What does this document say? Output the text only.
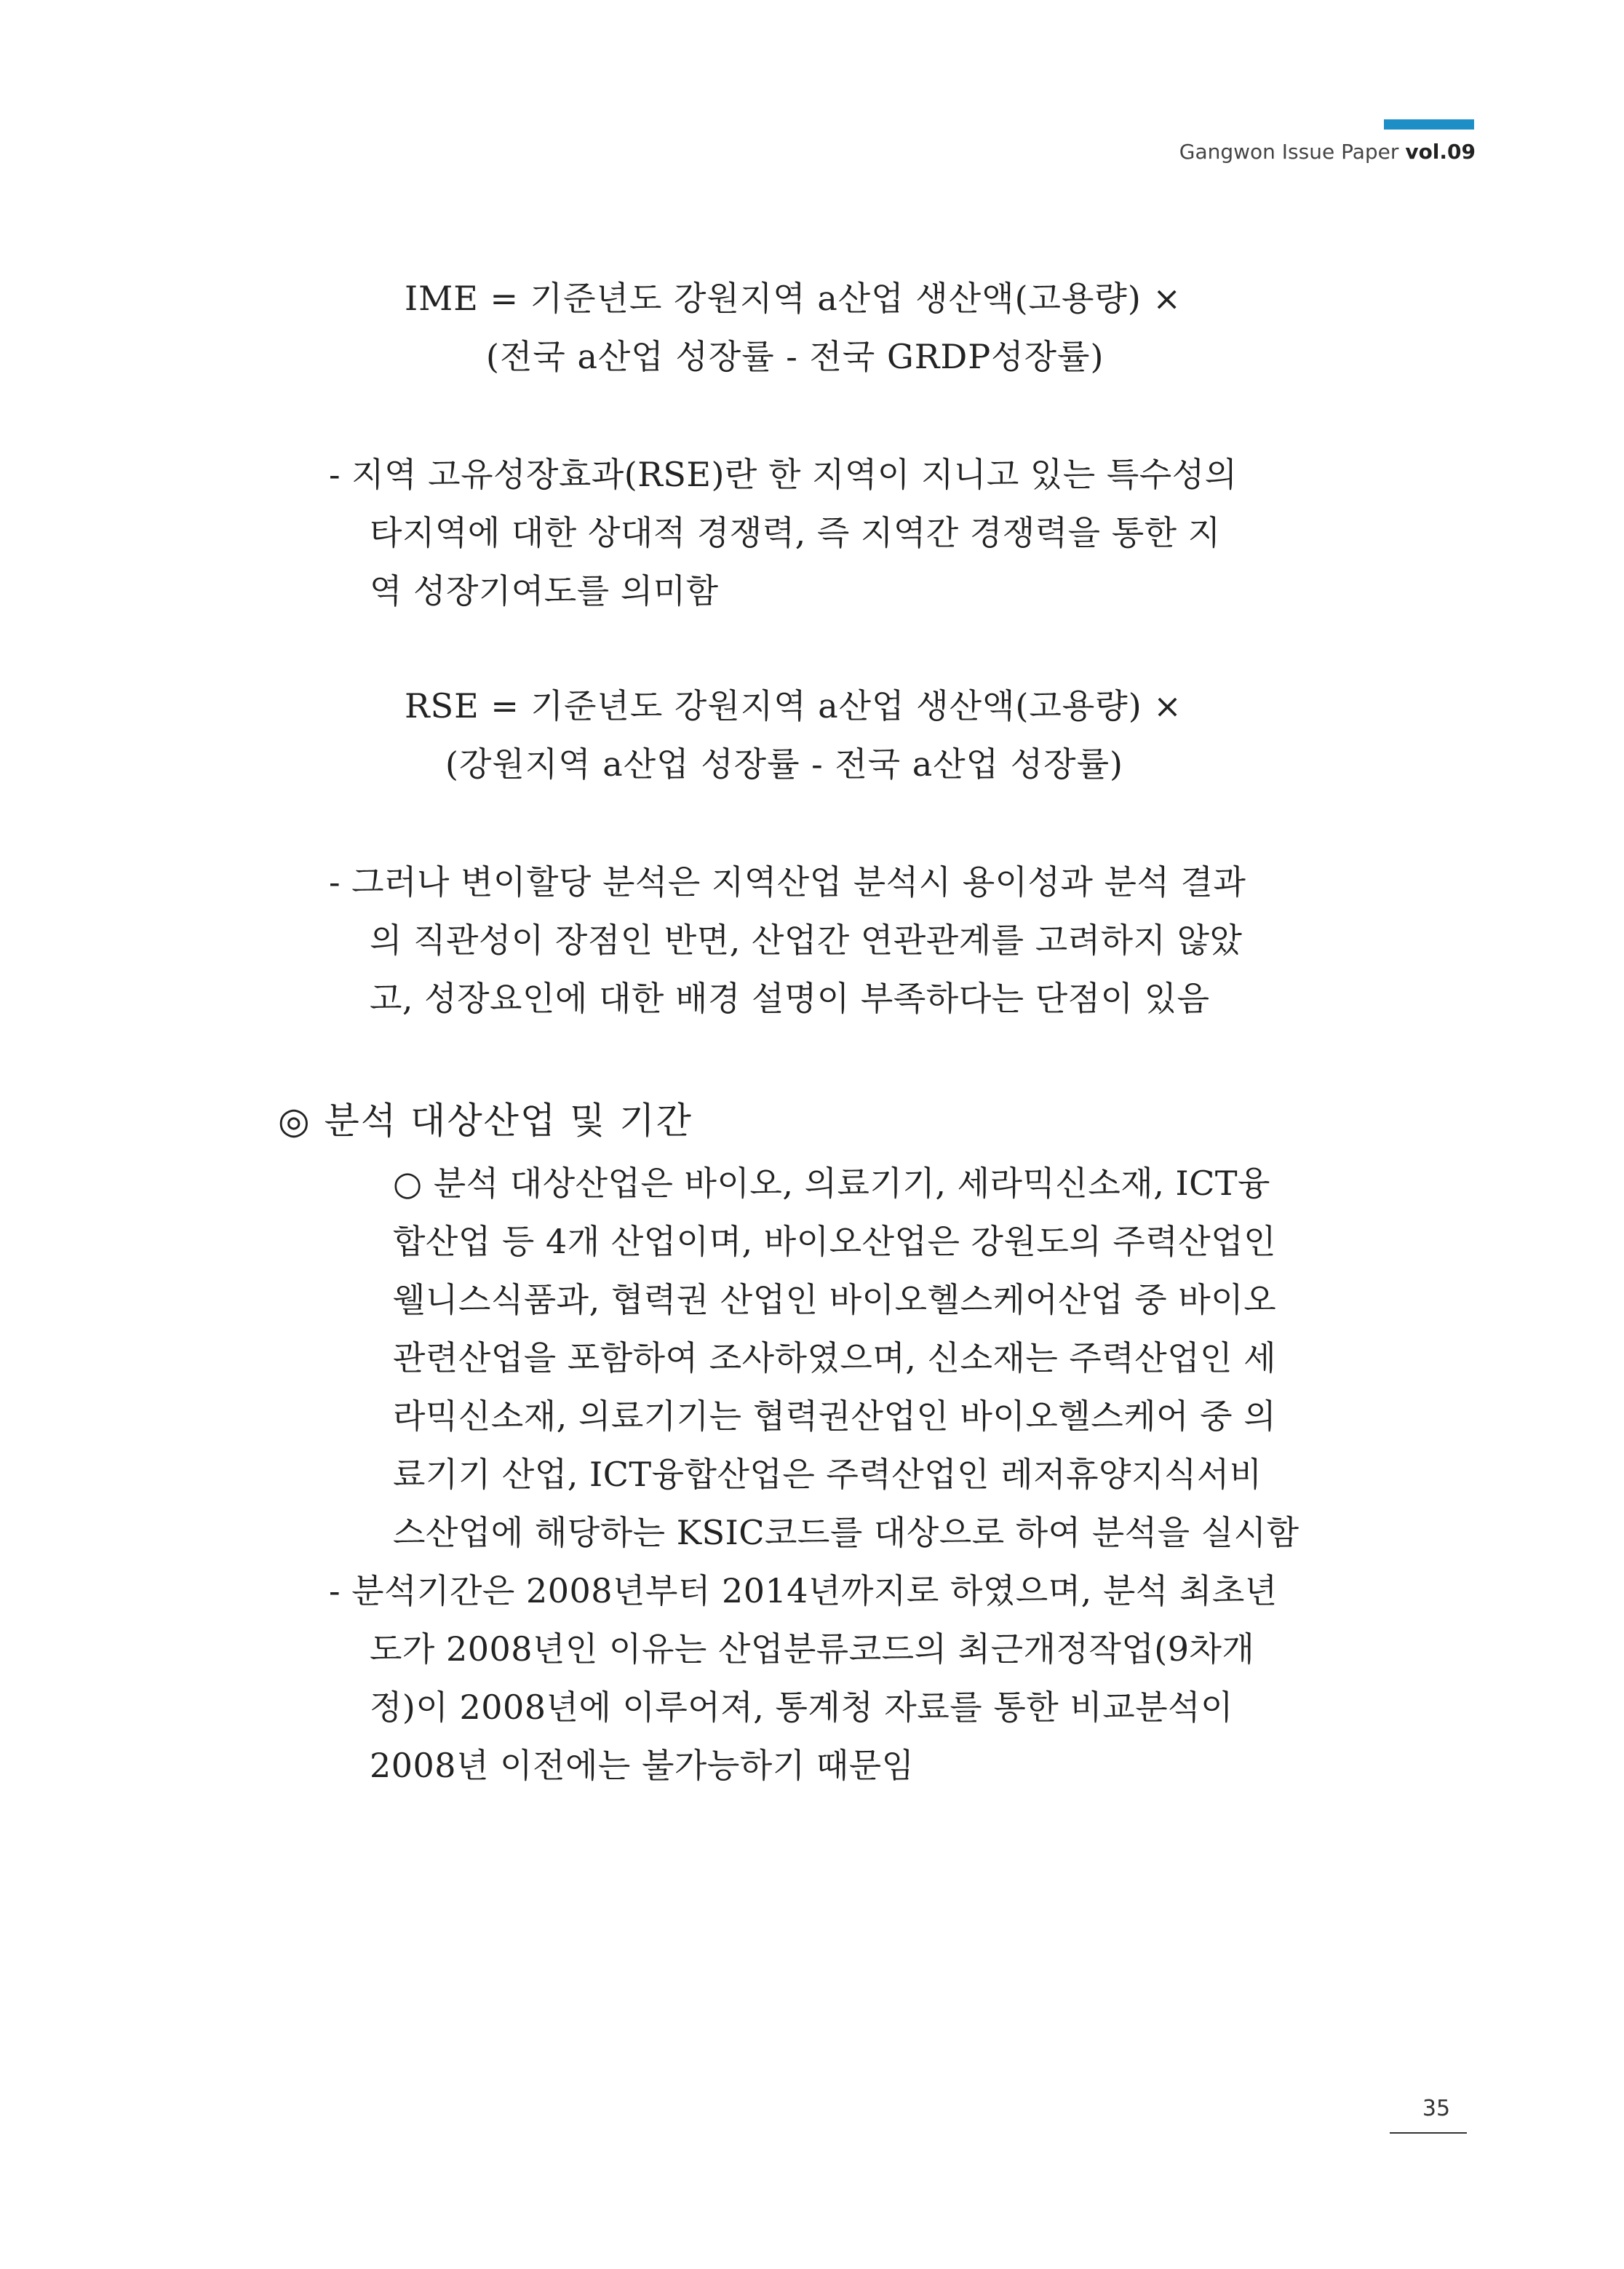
Gangwon Issue Paper vol.09
IME = 기준년도 강원지역 a산업 생산액(고용량) ×
(전국 a산업 성장률 - 전국 GRDP성장률)
- 지역 고유성장효과(RSE)란 한 지역이 지니고 있는 특수성의
타지역에 대한 상대적 경쟁력, 즉 지역간 경쟁력을 통한 지
역 성장기여도를 의미함
RSE = 기준년도 강원지역 a산업 생산액(고용량) ×
(강원지역 a산업 성장률 - 전국 a산업 성장률)
- 그러나 변이할당 분석은 지역산업 분석시 용이성과 분석 결과
의 직관성이 장점인 반면, 산업간 연관관계를 고려하지 않았
고, 성장요인에 대한 배경 설명이 부족하다는 단점이 있음
◎ 분석 대상산업 및 기간
○ 분석 대상산업은 바이오, 의료기기, 세라믹신소재, ICT융
합산업 등 4개 산업이며, 바이오산업은 강원도의 주력산업인
웰니스식품과, 협력권 산업인 바이오헬스케어산업 중 바이오
관련산업을 포함하여 조사하였으며, 신소재는 주력산업인 세
라믹신소재, 의료기기는 협력권산업인 바이오헬스케어 중 의
료기기 산업, ICT융합산업은 주력산업인 레저휴양지식서비
스산업에 해당하는 KSIC코드를 대상으로 하여 분석을 실시함
- 분석기간은 2008년부터 2014년까지로 하였으며, 분석 최초년
도가 2008년인 이유는 산업분류코드의 최근개정작업(9차개
정)이 2008년에 이루어져, 통계청 자료를 통한 비교분석이
2008년 이전에는 불가능하기 때문임
35
